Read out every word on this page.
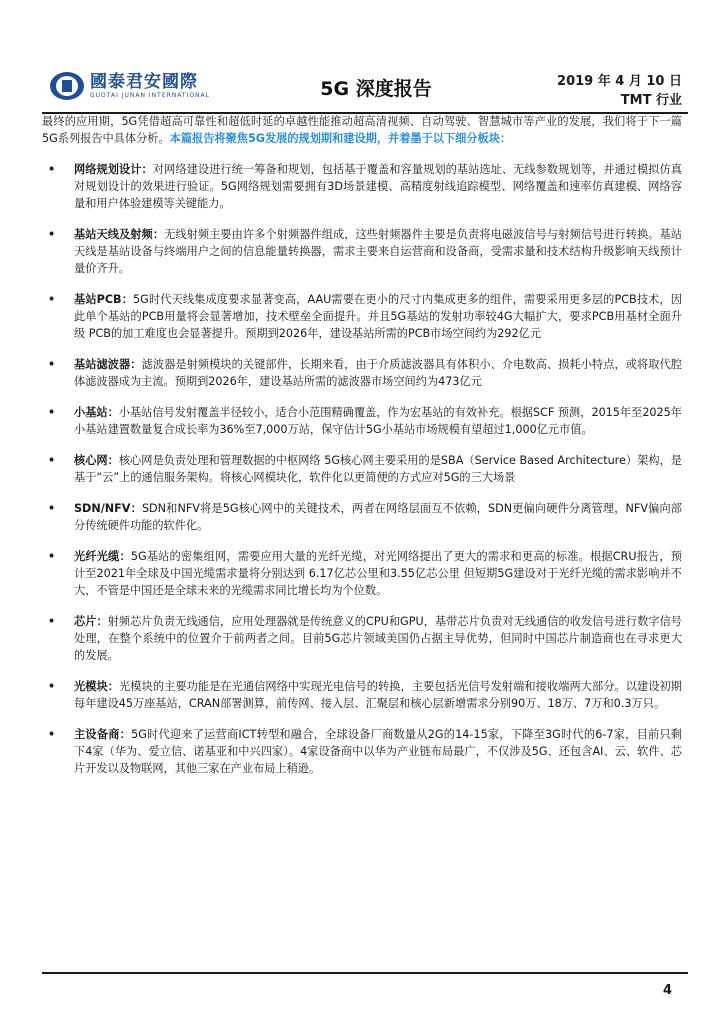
國泰君安國際
GUOTAI JUNAN INTERNATIONAL	5G 深度报告	2019 年 4 月 10 日
TMT 行业

最终的应用期，5G凭借超高可靠性和超低时延的卓越性能推动超高清视频、自动驾驶、智慧城市等产业的发展，我们将于下一篇5G系列报告中具体分析。本篇报告将聚焦5G发展的规划期和建设期，并着墨于以下细分板块：

• 网络规划设计：对网络建设进行统一筹备和规划，包括基于覆盖和容量规划的基站选址、无线参数规划等，并通过模拟仿真对规划设计的效果进行验证。5G网络规划需要拥有3D场景建模、高精度射线追踪模型、网络覆盖和速率仿真建模、网络容量和用户体验建模等关键能力。
• 基站天线及射频：无线射频主要由许多个射频器件组成，这些射频器件主要是负责将电磁波信号与射频信号进行转换。基站天线是基站设备与终端用户之间的信息能量转换器，需求主要来自运营商和设备商，受需求量和技术结构升级影响天线预计量价齐升。
• 基站PCB：5G时代天线集成度要求显著变高，AAU需要在更小的尺寸内集成更多的组件，需要采用更多层的PCB技术，因此单个基站的PCB用量将会显著增加，技术壁垒全面提升。并且5G基站的发射功率较4G大幅扩大，要求PCB用基材全面升级 PCB的加工难度也会显著提升。预期到2026年，建设基站所需的PCB市场空间约为292亿元
• 基站滤波器：滤波器是射频模块的关键部件，长期来看，由于介质滤波器具有体积小、介电数高、损耗小特点，或将取代腔体滤波器成为主流。预期到2026年，建设基站所需的滤波器市场空间约为473亿元
• 小基站：小基站信号发射覆盖半径较小，适合小范围精确覆盖，作为宏基站的有效补充。根据SCF 预测，2015年至2025年小基站建置数量复合成长率为36%至7,000万站，保守估计5G小基站市场规模有望超过1,000亿元市值。
• 核心网：核心网是负责处理和管理数据的中枢网络 5G核心网主要采用的是SBA（Service Based Architecture）架构，是基于“云”上的通信服务架构。将核心网模块化，软件化以更简便的方式应对5G的三大场景
• SDN/NFV：SDN和NFV将是5G核心网中的关键技术，两者在网络层面互不依赖，SDN更偏向硬件分离管理，NFV偏向部分传统硬件功能的软件化。
• 光纤光缆：5G基站的密集组网，需要应用大量的光纤光缆，对光网络提出了更大的需求和更高的标准。根据CRU报告，预计至2021年全球及中国光缆需求量将分别达到 6.17亿芯公里和3.55亿芯公里 但短期5G建设对于光纤光缆的需求影响并不大，不管是中国还是全球未来的光缆需求同比增长均为个位数。
• 芯片：射频芯片负责无线通信，应用处理器就是传统意义的CPU和GPU，基带芯片负责对无线通信的收发信号进行数字信号处理，在整个系统中的位置介于前两者之间。目前5G芯片领域美国仍占据主导优势，但同时中国芯片制造商也在寻求更大的发展。
• 光模块：光模块的主要功能是在光通信网络中实现光电信号的转换，主要包括光信号发射端和接收端两大部分。以建设初期每年建设45万座基站，CRAN部署测算，前传网、接入层、汇聚层和核心层新增需求分别90万、18万、7万和0.3万只。
• 主设备商：5G时代迎来了运营商ICT转型和融合，全球设备厂商数量从2G的14-15家，下降至3G时代的6-7家，目前只剩下4家（华为、爱立信、诺基亚和中兴四家）。4家设备商中以华为产业链布局最广，不仅涉及5G、还包含AI、云、软件、芯片开发以及物联网，其他三家在产业布局上稍逊。
4
